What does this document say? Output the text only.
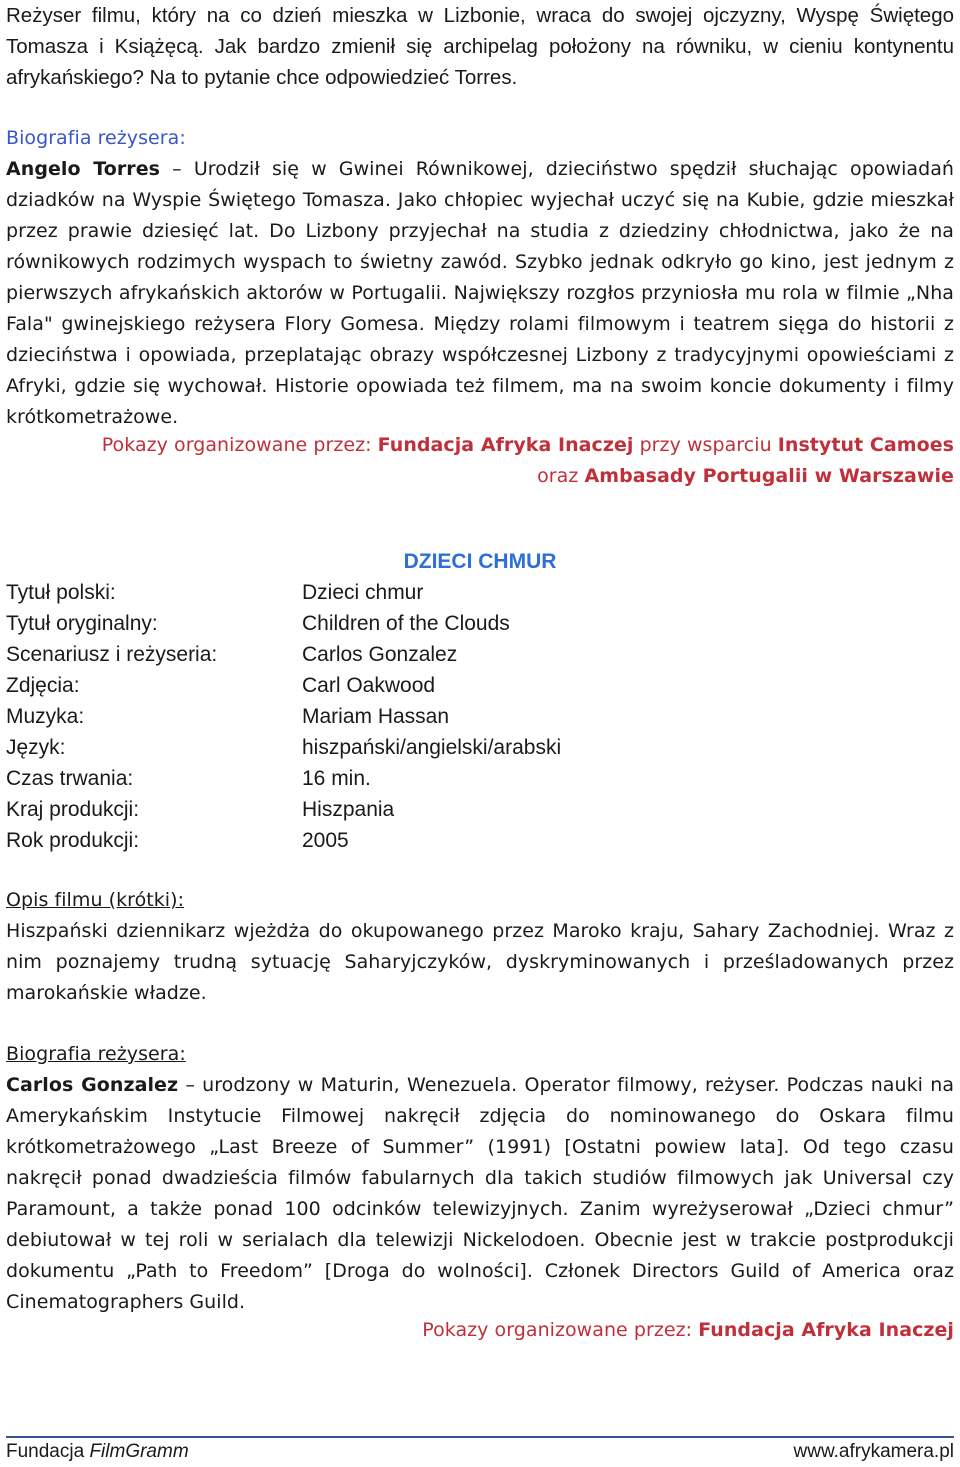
Reżyser filmu, który na co dzień mieszka w Lizbonie, wraca do swojej ojczyzny, Wyspę Świętego Tomasza i Książęcą. Jak bardzo zmienił się archipelag położony na równiku, w cieniu kontynentu afrykańskiego? Na to pytanie chce odpowiedzieć Torres.

Biografia reżysera:
Angelo Torres – Urodził się w Gwinei Równikowej, dzieciństwo spędził słuchając opowiadań dziadków na Wyspie Świętego Tomasza. Jako chłopiec wyjechał uczyć się na Kubie, gdzie mieszkał przez prawie dziesięć lat. Do Lizbony przyjechał na studia z dziedziny chłodnictwa, jako że na równikowych rodzimych wyspach to świetny zawód. Szybko jednak odkryło go kino, jest jednym z pierwszych afrykańskich aktorów w Portugalii. Największy rozgłos przyniosła mu rola w filmie „Nha Fala" gwinejskiego reżysera Flory Gomesa. Między rolami filmowym i teatrem sięga do historii z dzieciństwa i opowiada, przeplatając obrazy współczesnej Lizbony z tradycyjnymi opowieściami z Afryki, gdzie się wychował. Historie opowiada też filmem, ma na swoim koncie dokumenty i filmy krótkometrażowe.

Pokazy organizowane przez: Fundacja Afryka Inaczej przy wsparciu Instytut Camoes
oraz Ambasady Portugalii w Warszawie

DZIECI CHMUR
Tytuł polski:	Dzieci chmur
Tytuł oryginalny:	Children of the Clouds
Scenariusz i reżyseria:	Carlos Gonzalez
Zdjęcia:	Carl Oakwood
Muzyka:	Mariam Hassan
Język:	hiszpański/angielski/arabski
Czas trwania:	16 min.
Kraj produkcji:	Hiszpania
Rok produkcji:	2005

Opis filmu (krótki):
Hiszpański dziennikarz wjeżdża do okupowanego przez Maroko kraju, Sahary Zachodniej. Wraz z nim poznajemy trudną sytuację Saharyjczyków, dyskryminowanych i prześladowanych przez marokańskie władze.

Biografia reżysera:
Carlos Gonzalez – urodzony w Maturin, Wenezuela. Operator filmowy, reżyser. Podczas nauki na Amerykańskim Instytucie Filmowej nakręcił zdjęcia do nominowanego do Oskara filmu krótkometrażowego „Last Breeze of Summer” (1991) [Ostatni powiew lata]. Od tego czasu nakręcił ponad dwadzieścia filmów fabularnych dla takich studiów filmowych jak Universal czy Paramount, a także ponad 100 odcinków telewizyjnych. Zanim wyreżyserował „Dzieci chmur” debiutował w tej roli w serialach dla telewizji Nickelodoen. Obecnie jest w trakcie postprodukcji dokumentu „Path to Freedom” [Droga do wolności]. Członek Directors Guild of America oraz Cinematographers Guild.

Pokazy organizowane przez: Fundacja Afryka Inaczej

Fundacja FilmGramm	www.afrykamera.pl
